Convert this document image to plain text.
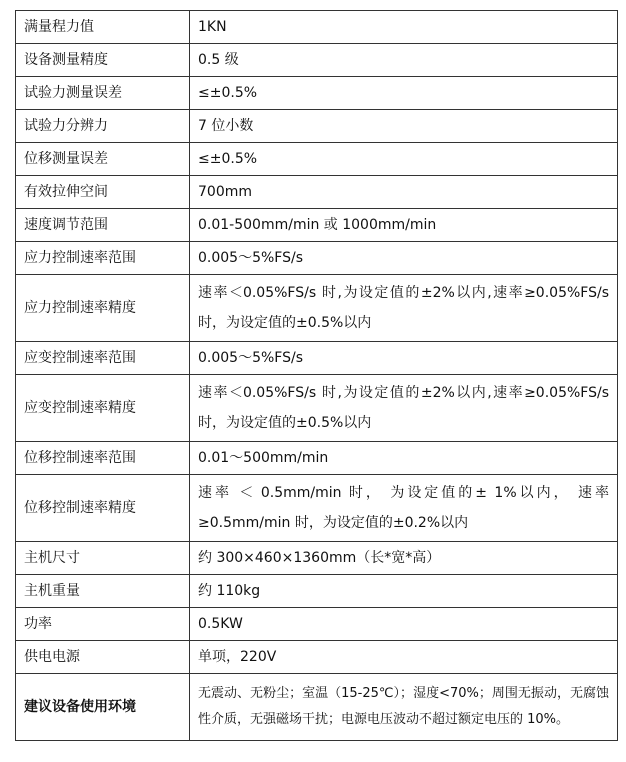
满量程力值	1KN
设备测量精度	0.5 级
试验力测量误差	≤±0.5%
试验力分辨力	7 位小数
位移测量误差	≤±0.5%
有效拉伸空间	700mm
速度调节范围	0.01-500mm/min 或 1000mm/min
应力控制速率范围	0.005～5%FS/s
应力控制速率精度	速率＜0.05%FS/s 时,为设定值的±2%以内,速率≥0.05%FS/s 时，为设定值的±0.5%以内
应变控制速率范围	0.005～5%FS/s
应变控制速率精度	速率＜0.05%FS/s 时,为设定值的±2%以内,速率≥0.05%FS/s 时，为设定值的±0.5%以内
位移控制速率范围	0.01～500mm/min
位移控制速率精度	速率 ＜ 0.5mm/min 时， 为设定值的± 1%以内， 速率≥0.5mm/min 时，为设定值的±0.2%以内
主机尺寸	约 300×460×1360mm（长*宽*高）
主机重量	约 110kg
功率	0.5KW
供电电源	单项，220V
建议设备使用环境	无震动、无粉尘；室温（15-25℃）；湿度<70%；周围无振动，无腐蚀性介质，无强磁场干扰；电源电压波动不超过额定电压的 10%。
